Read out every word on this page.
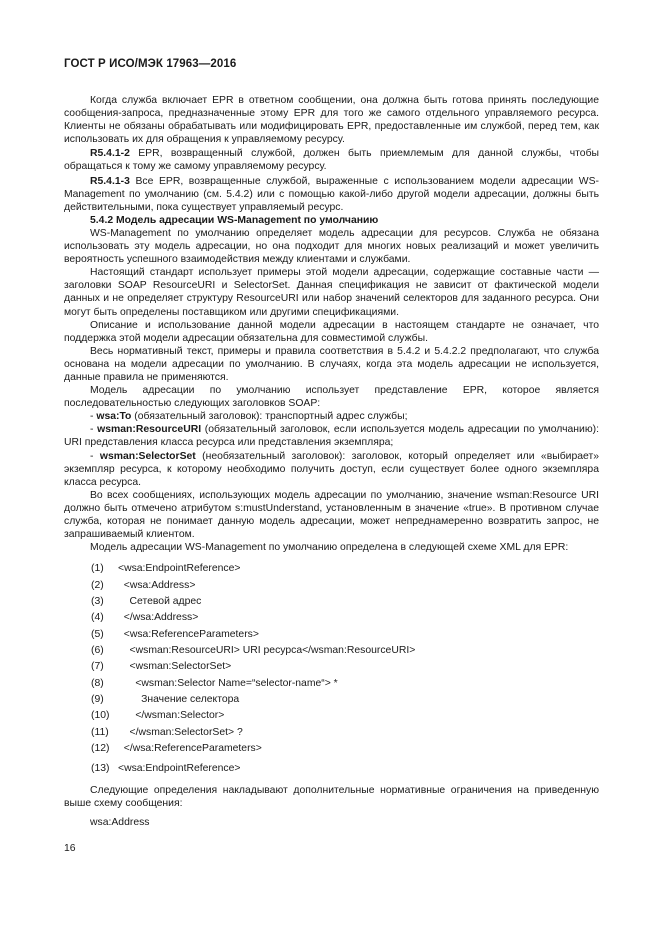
ГОСТ Р ИСО/МЭК 17963—2016

Когда служба включает EPR в ответном сообщении, она должна быть готова принять последующие сообщения-запроса, предназначенные этому EPR для того же самого отдельного управляемого ресурса. Клиенты не обязаны обрабатывать или модифицировать EPR, предоставленные им службой, перед тем, как использовать их для обращения к управляемому ресурсу.

R5.4.1-2 EPR, возвращенный службой, должен быть приемлемым для данной службы, чтобы обращаться к тому же самому управляемому ресурсу.

R5.4.1-3 Все EPR, возвращенные службой, выраженные с использованием модели адресации WS-Management по умолчанию (см. 5.4.2) или с помощью какой-либо другой модели адресации, должны быть действительными, пока существует управляемый ресурс.

5.4.2 Модель адресации WS-Management по умолчанию

WS-Management по умолчанию определяет модель адресации для ресурсов. Служба не обязана использовать эту модель адресации, но она подходит для многих новых реализаций и может увеличить вероятность успешного взаимодействия между клиентами и службами.

Настоящий стандарт использует примеры этой модели адресации, содержащие составные части — заголовки SOAP ResourceURI и SelectorSet. Данная спецификация не зависит от фактической модели данных и не определяет структуру ResourceURI или набор значений селекторов для заданного ресурса. Они могут быть определены поставщиком или другими спецификациями.

Описание и использование данной модели адресации в настоящем стандарте не означает, что поддержка этой модели адресации обязательна для совместимой службы.

Весь нормативный текст, примеры и правила соответствия в 5.4.2 и 5.4.2.2 предполагают, что служба основана на модели адресации по умолчанию. В случаях, когда эта модель адресации не используется, данные правила не применяются.

Модель адресации по умолчанию использует представление EPR, которое является последовательностью следующих заголовков SOAP:

- wsa:To (обязательный заголовок): транспортный адрес службы;

- wsman:ResourceURI (обязательный заголовок, если используется модель адресации по умолчанию): URI представления класса ресурса или представления экземпляра;

- wsman:SelectorSet (необязательный заголовок): заголовок, который определяет или «выбирает» экземпляр ресурса, к которому необходимо получить доступ, если существует более одного экземпляра класса ресурса.

Во всех сообщениях, использующих модель адресации по умолчанию, значение wsman:Resource URI должно быть отмечено атрибутом s:mustUnderstand, установленным в значение «true». В противном случае служба, которая не понимает данную модель адресации, может непреднамеренно возвратить запрос, не запрашиваемый клиентом.

Модель адресации WS-Management по умолчанию определена в следующей схеме XML для EPR:

(1) <wsa:EndpointReference>
(2)  <wsa:Address>
(3)    Сетевой адрес
(4)  </wsa:Address>
(5)  <wsa:ReferenceParameters>
(6)    <wsman:ResourceURI> URI ресурса</wsman:ResourceURI>
(7)    <wsman:SelectorSet>
(8)      <wsman:Selector Name=“selector-name“> *
(9)        Значение селектора
(10)      </wsman:Selector>
(11)    </wsman:SelectorSet> ?
(12)  </wsa:ReferenceParameters>
(13) <wsa:EndpointReference>

Следующие определения накладывают дополнительные нормативные ограничения на приведенную выше схему сообщения:

wsa:Address

16
